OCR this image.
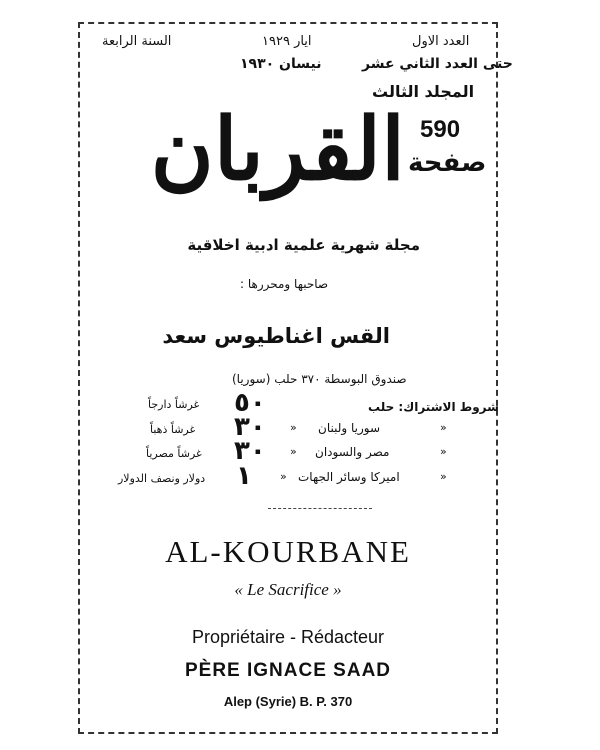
السنة الرابعة	العدد الاول
ايار ١٩٢٩
حتى العدد الثاني عشر
نيسان ١٩٣٠
المجلد الثالث
590
صفحة
القربان
مجلة شهرية علمية ادبية اخلاقية
صاحبها ومحررها :
القس اغناطيوس سعد
صندوق البوسطة ٣٧٠ حلب (سوريا)
شروط الاشتراك: حلب
٥٠
غرشاً دارجاً
«
سوريا ولبنان
«
٣٠
غرشاً ذهباً
«
مصر والسودان
«
٣٠
غرشاً مصرياً
«
اميركا وسائر الجهات
«
١
دولار ونصف الدولار
AL-KOURBANE
« Le Sacrifice »
Propriétaire - Rédacteur
PÈRE IGNACE SAAD
Alep (Syrie) B. P. 370
